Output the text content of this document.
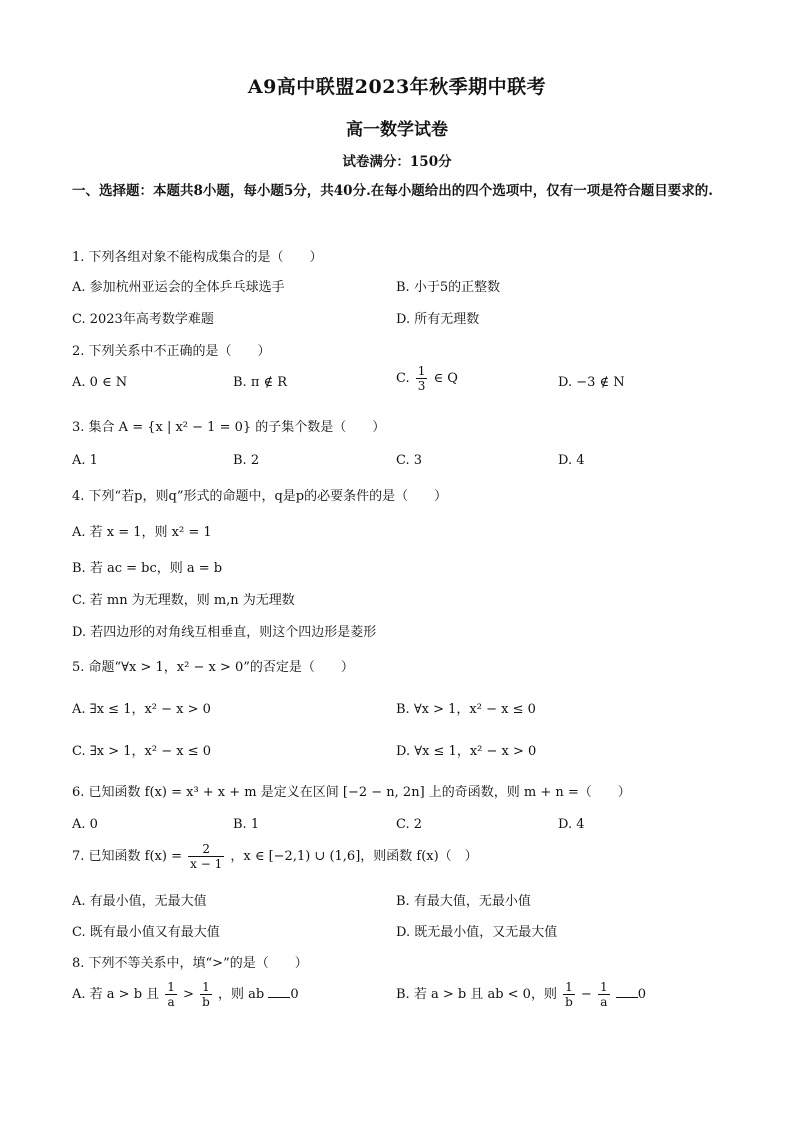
A9高中联盟2023年秋季期中联考
高一数学试卷
试卷满分：150分
一、选择题：本题共8小题，每小题5分，共40分.在每小题给出的四个选项中，仅有一项是符合题目要求的.
1. 下列各组对象不能构成集合的是（　　）
A. 参加杭州亚运会的全体乒乓球选手	B. 小于5的正整数
C. 2023年高考数学难题	D. 所有无理数
2. 下列关系中不正确的是（　　）
A. 0 ∈ N	B. π ∉ R	C. $\frac{1}{3}$ ∈ Q	D. −3 ∉ N
3. 集合 A = {x | x² − 1 = 0} 的子集个数是（　　）
A. 1	B. 2	C. 3	D. 4
4. 下列“若p，则q”形式的命题中，q是p的必要条件的是（　　）
A. 若 x = 1，则 x² = 1
B. 若 ac = bc，则 a = b
C. 若 mn 为无理数，则 m,n 为无理数
D. 若四边形的对角线互相垂直，则这个四边形是菱形
5. 命题“∀x > 1，x² − x > 0”的否定是（　　）
A. ∃x ≤ 1，x² − x > 0	B. ∀x > 1，x² − x ≤ 0
C. ∃x > 1，x² − x ≤ 0	D. ∀x ≤ 1，x² − x > 0
6. 已知函数 f(x) = x³ + x + m 是定义在区间 [−2 − n, 2n] 上的奇函数，则 m + n =（　　）
A. 0	B. 1	C. 2	D. 4
7. 已知函数 $f(x) = \frac{2}{x - 1}$ ，x ∈ [−2,1) ∪ (1,6]，则函数 f(x)（　）
A. 有最小值，无最大值	B. 有最大值，无最小值
C. 既有最小值又有最大值	D. 既无最小值，又无最大值
8. 下列不等关系中，填“>”的是（　　）
A. 若 a > b 且 $\frac{1}{a} > \frac{1}{b}$ ，则 ab 0	B. 若 a > b 且 ab < 0，则 $\frac{1}{b} - \frac{1}{a} 0$
